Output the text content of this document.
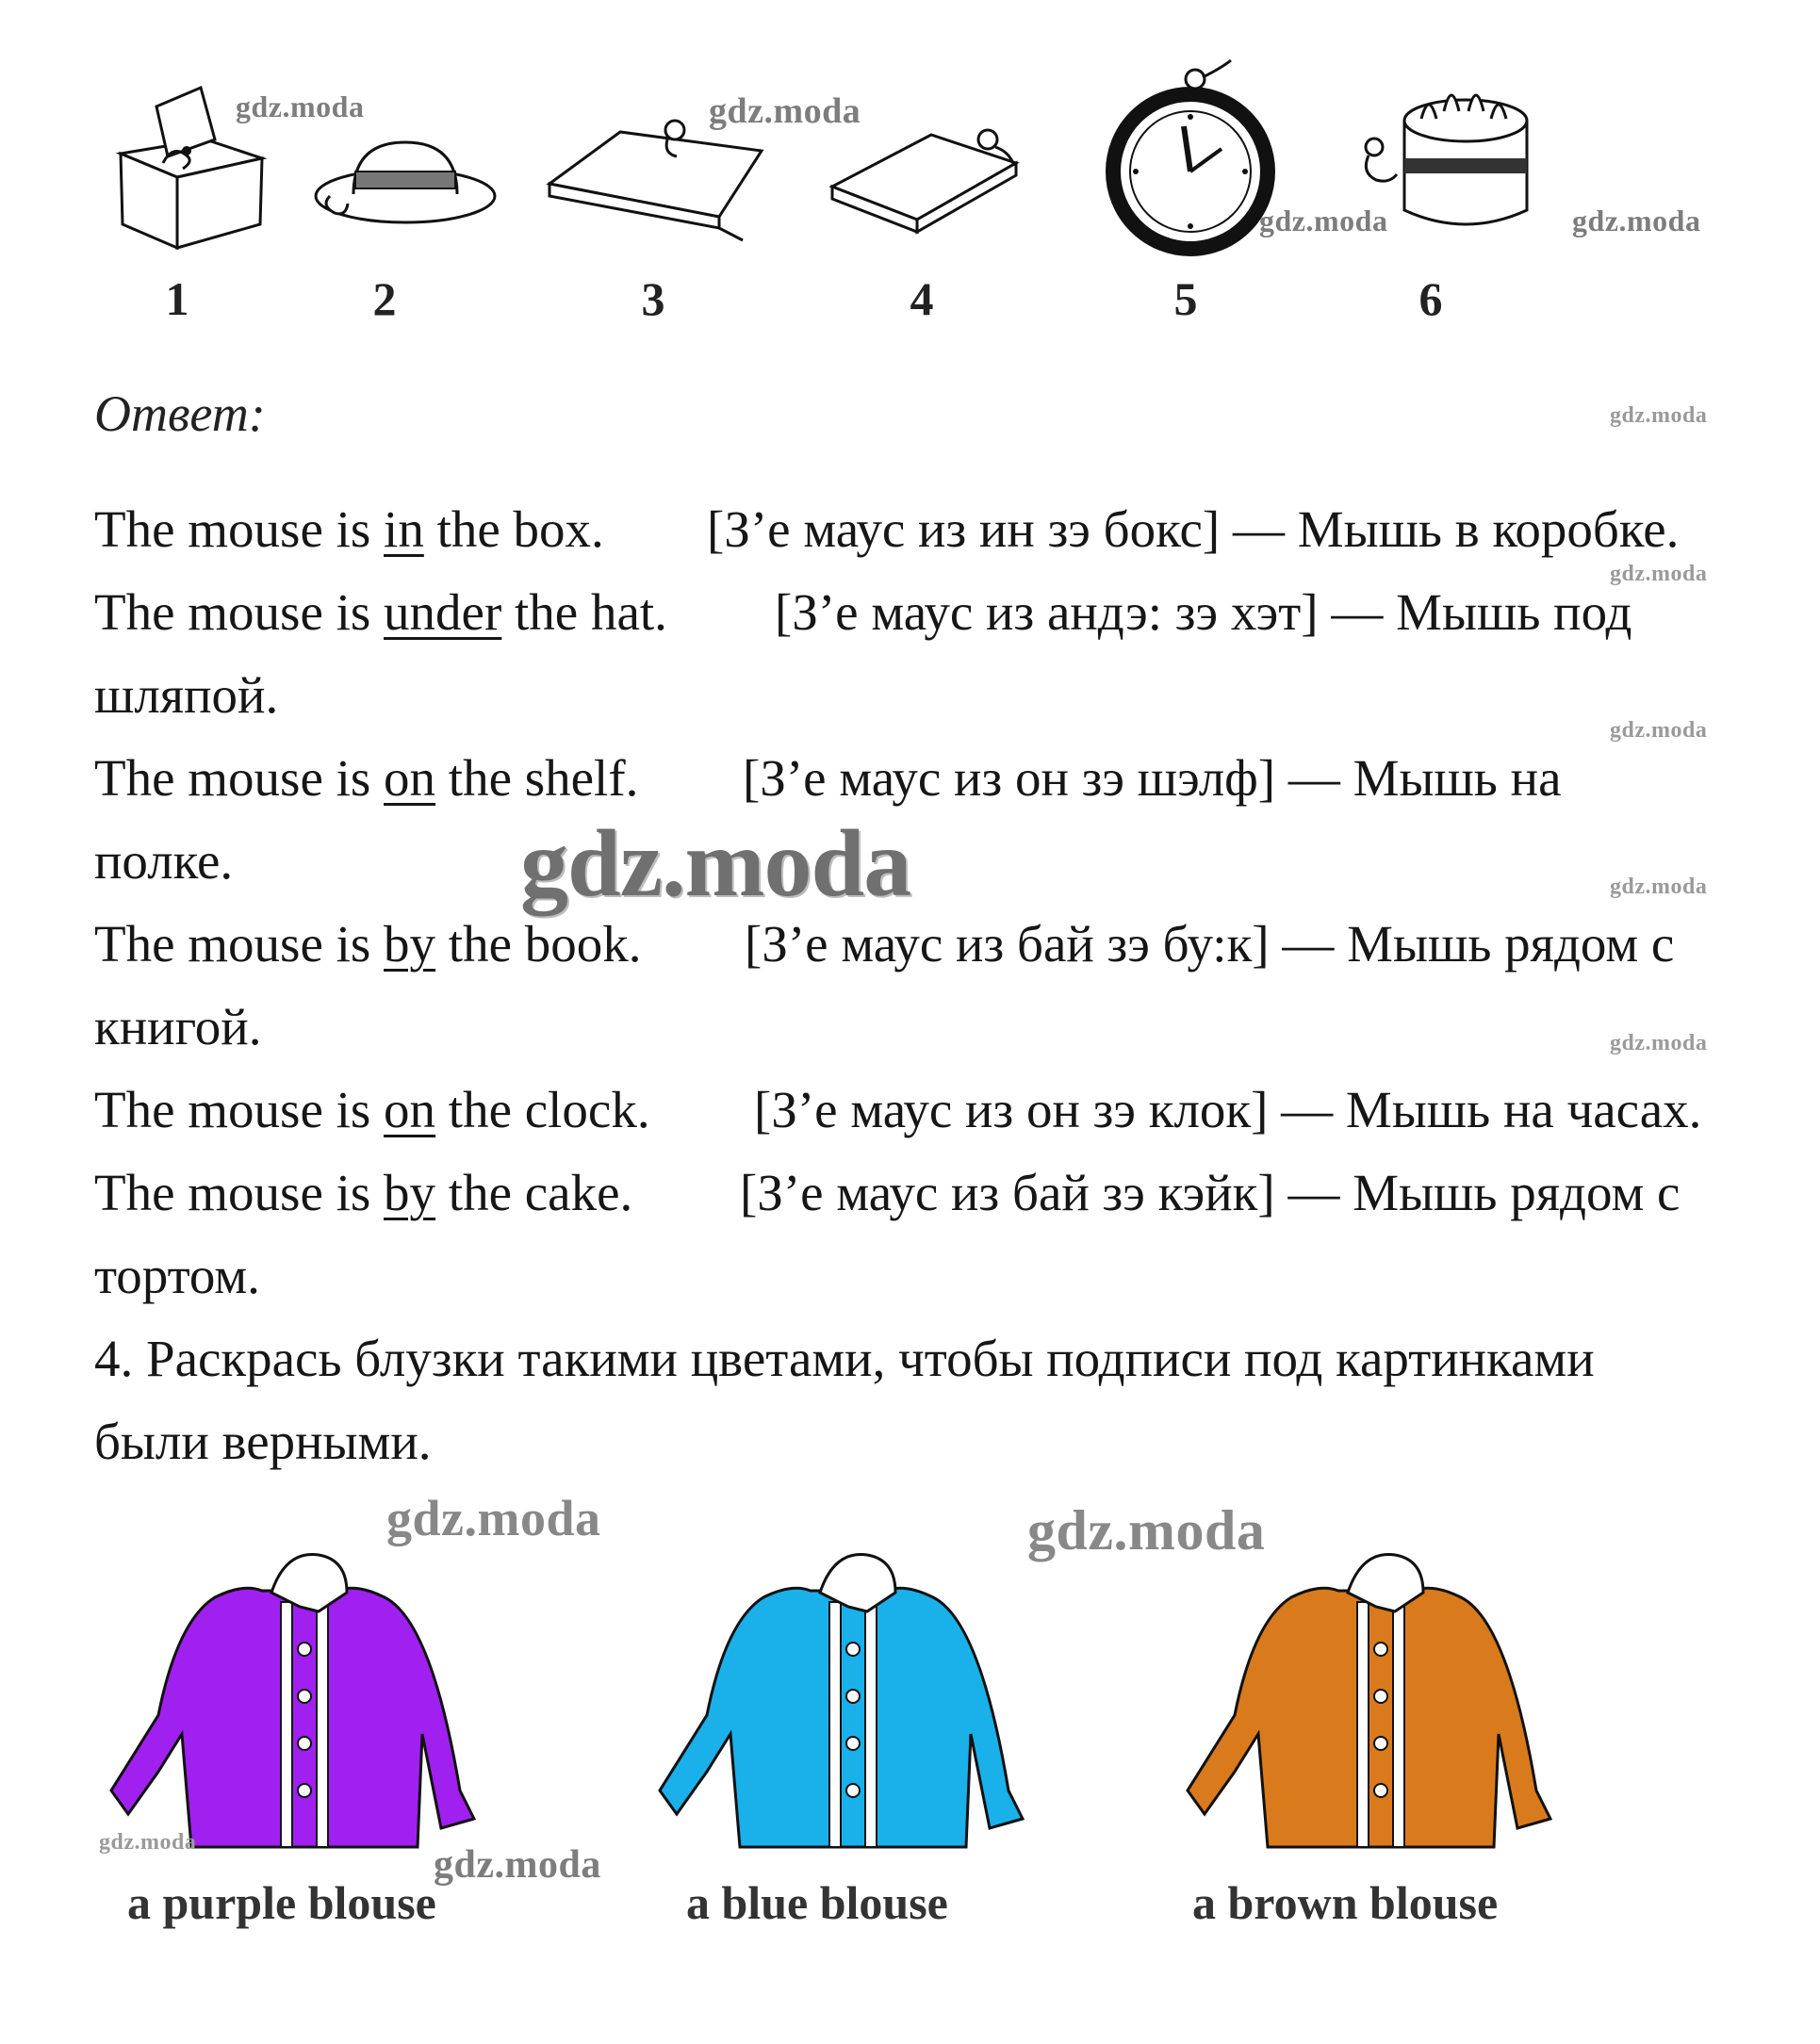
1	2	3	4	5	6
Ответ:
The mouse is in the box. [З’е маус из ин зэ бокс] — Мышь в коробке.
The mouse is under the hat. [З’е маус из андэ: зэ хэт] — Мышь под
шляпой.
The mouse is on the shelf. [З’е маус из он зэ шэлф] — Мышь на
полке.
The mouse is by the book. [З’е маус из бай зэ бу:к] — Мышь рядом с
книгой.
The mouse is on the clock. [З’е маус из он зэ клок] — Мышь на часах.
The mouse is by the cake. [З’е маус из бай зэ кэйк] — Мышь рядом с
тортом.
4. Раскрась блузки такими цветами, чтобы подписи под картинками
были верными.
a purple blouse	a blue blouse	a brown blouse
gdz.moda	gdz.moda
gdz.moda	gdz.moda
gdz.moda
gdz.moda
gdz.moda
gdz.moda
gdz.moda
gdz.moda
gdz.moda	gdz.moda
gdz.moda
gdz.moda
